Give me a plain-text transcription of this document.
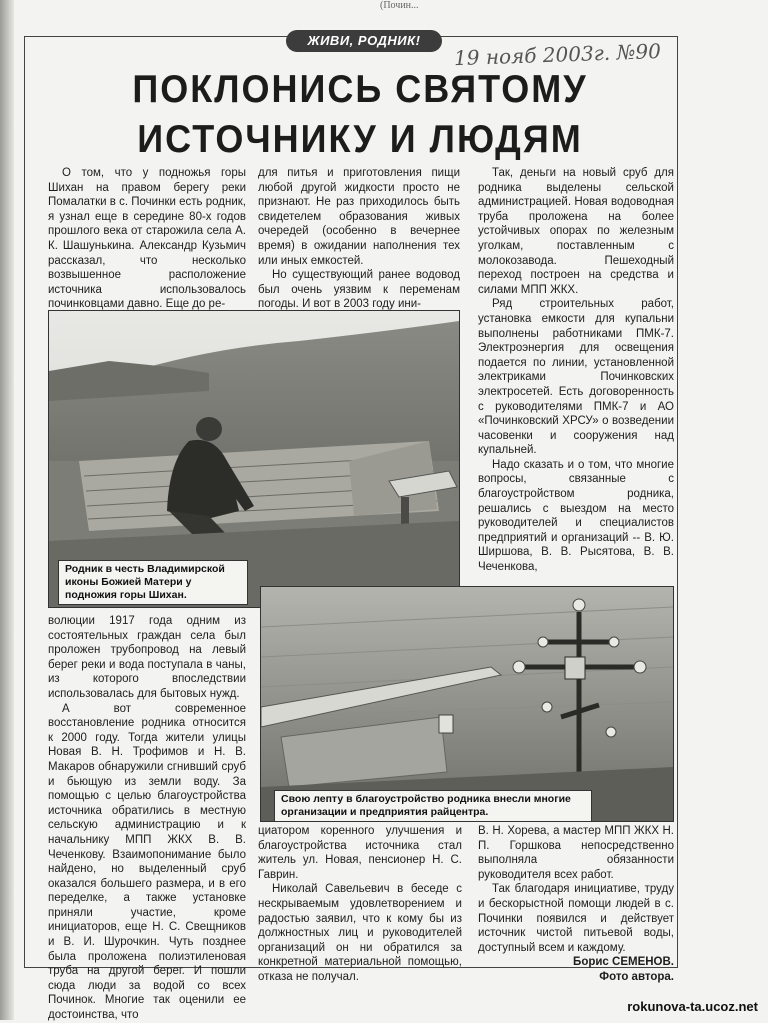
(Почин...
ЖИВИ, РОДНИК!	19 нояб 2003г. №90
ПОКЛОНИСЬ СВЯТОМУ
ИСТОЧНИКУ И ЛЮДЯМ

О том, что у подножья горы Шихан на правом берегу реки Помалатки в с. Починки есть родник, я узнал еще в середине 80-х годов прошлого века от старожила села А. К. Шашунькина. Александр Кузьмич рассказал, что несколько возвышенное расположение источника использовалось починковцами давно. Еще до ре-

для питья и приготовления пищи любой другой жидкости просто не признают. Не раз приходилось быть свидетелем образования живых очередей (особенно в вечернее время) в ожидании наполнения тех или иных емкостей.

Но существующий ранее водовод был очень уязвим к переменам погоды. И вот в 2003 году ини-

Так, деньги на новый сруб для родника выделены сельской администрацией. Новая водоводная труба проложена на более устойчивых опорах по железным уголкам, поставленным с молокозавода. Пешеходный переход построен на средства и силами МПП ЖКХ.

Ряд строительных работ, установка емкости для купальни выполнены работниками ПМК-7. Электроэнергия для освещения подается по линии, установленной электриками Починковских электросетей. Есть договоренность с руководителями ПМК-7 и АО «Починковский ХРСУ» о возведении часовенки и сооружения над купальней.

Надо сказать и о том, что многие вопросы, связанные с благоустройством родника, решались с выездом на место руководителей и специалистов предприятий и организаций -- В. Ю. Ширшова, В. В. Рысятова, В. В. Чеченкова,

Родник в честь Владимирской иконы Божией Матери у подножия горы Шихан.

волюции 1917 года одним из состоятельных граждан села был проложен трубопровод на левый берег реки и вода поступала в чаны, из которого впоследствии использовалась для бытовых нужд.

А вот современное восстановление родника относится к 2000 году. Тогда жители улицы Новая В. Н. Трофимов и Н. В. Макаров обнаружили сгнивший сруб и бьющую из земли воду. За помощью с целью благоустройства источника обратились в местную сельскую администрацию и к начальнику МПП ЖКХ В. В. Чеченкову. Взаимопонимание было найдено, но выделенный сруб оказался большего размера, и в его переделке, а также установке приняли участие, кроме инициаторов, еще Н. С. Свещников и В. И. Шурочкин. Чуть позднее была проложена полиэтиленовая труба на другой берег. И пошли сюда люди за водой со всех Починок. Многие так оценили ее достоинства, что

Свою лепту в благоустройство родника внесли многие организации и предприятия райцентра.

циатором коренного улучшения и благоустройства источника стал житель ул. Новая, пенсионер Н. С. Гаврин.

Николай Савельевич в беседе с нескрываемым удовлетворением и радостью заявил, что к кому бы из должностных лиц и руководителей организаций он ни обратился за конкретной материальной помощью, отказа не получал.

В. Н. Хорева, а мастер МПП ЖКХ Н. П. Горшкова непосредственно выполняла обязанности руководителя всех работ.

Так благодаря инициативе, труду и бескорыстной помощи людей в с. Починки появился и действует источник чистой питьевой воды, доступный всем и каждому.

Борис СЕМЕНОВ.

Фото автора.

rokunova-ta.ucoz.net
